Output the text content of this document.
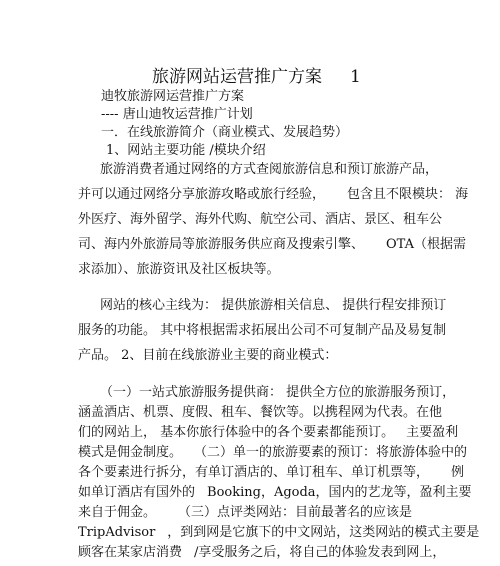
旅游网站运营推广方案 1
迪牧旅游网运营推广方案
---- 唐山迪牧运营推广计划
一．在线旅游简介（商业模式、发展趋势）
1、网站主要功能 /模块介绍
旅游消费者通过网络的方式查阅旅游信息和预订旅游产品，
并可以通过网络分享旅游攻略或旅行经验， 包含且不限模块： 海
外医疗、海外留学、海外代购、航空公司、酒店、景区、租车公
司、海内外旅游局等旅游服务供应商及搜索引擎、 OTA（根据需
求添加）、旅游资讯及社区板块等。
网站的核心主线为： 提供旅游相关信息、 提供行程安排预订
服务的功能。 其中将根据需求拓展出公司不可复制产品及易复制
产品。 2、目前在线旅游业主要的商业模式：
（一）一站式旅游服务提供商： 提供全方位的旅游服务预订，
涵盖酒店、机票、度假、租车、餐饮等。以携程网为代表。在他
们的网站上， 基本你旅行体验中的各个要素都能预订。 主要盈利
模式是佣金制度。 （二）单一的旅游要素的预订：将旅游体验中的
各个要素进行拆分，有单订酒店的、单订租车、单订机票等， 例
如单订酒店有国外的 Booking，Agoda，国内的艺龙等，盈利主要
来自于佣金。 （三）点评类网站：目前最著名的应该是
TripAdvisor ，到到网是它旗下的中文网站，这类网站的模式主要是
顾客在某家店消费 /享受服务之后，将自己的体验发表到网上，
